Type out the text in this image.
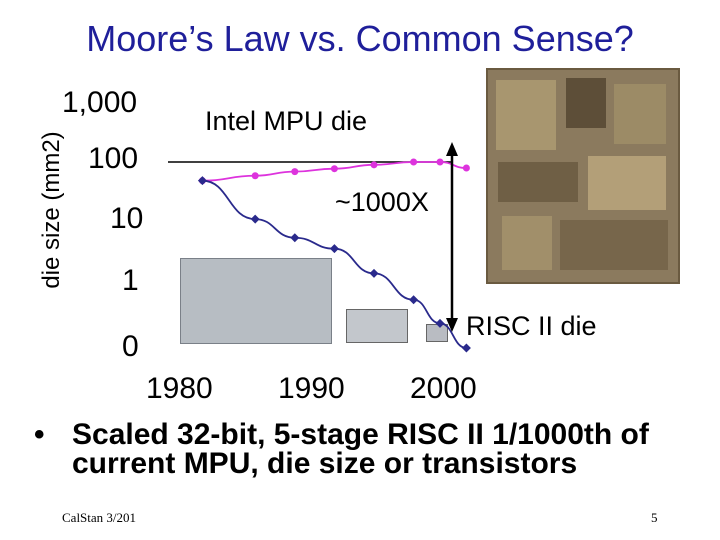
Moore’s Law vs. Common Sense?
die size (mm2)
1,000
100
10
1
0
1980 1990 2000
Intel MPU die
~1000X
RISC II die
• Scaled 32-bit, 5-stage RISC II 1/1000th of current MPU, die size or transistors
CalStan 3/201	5
